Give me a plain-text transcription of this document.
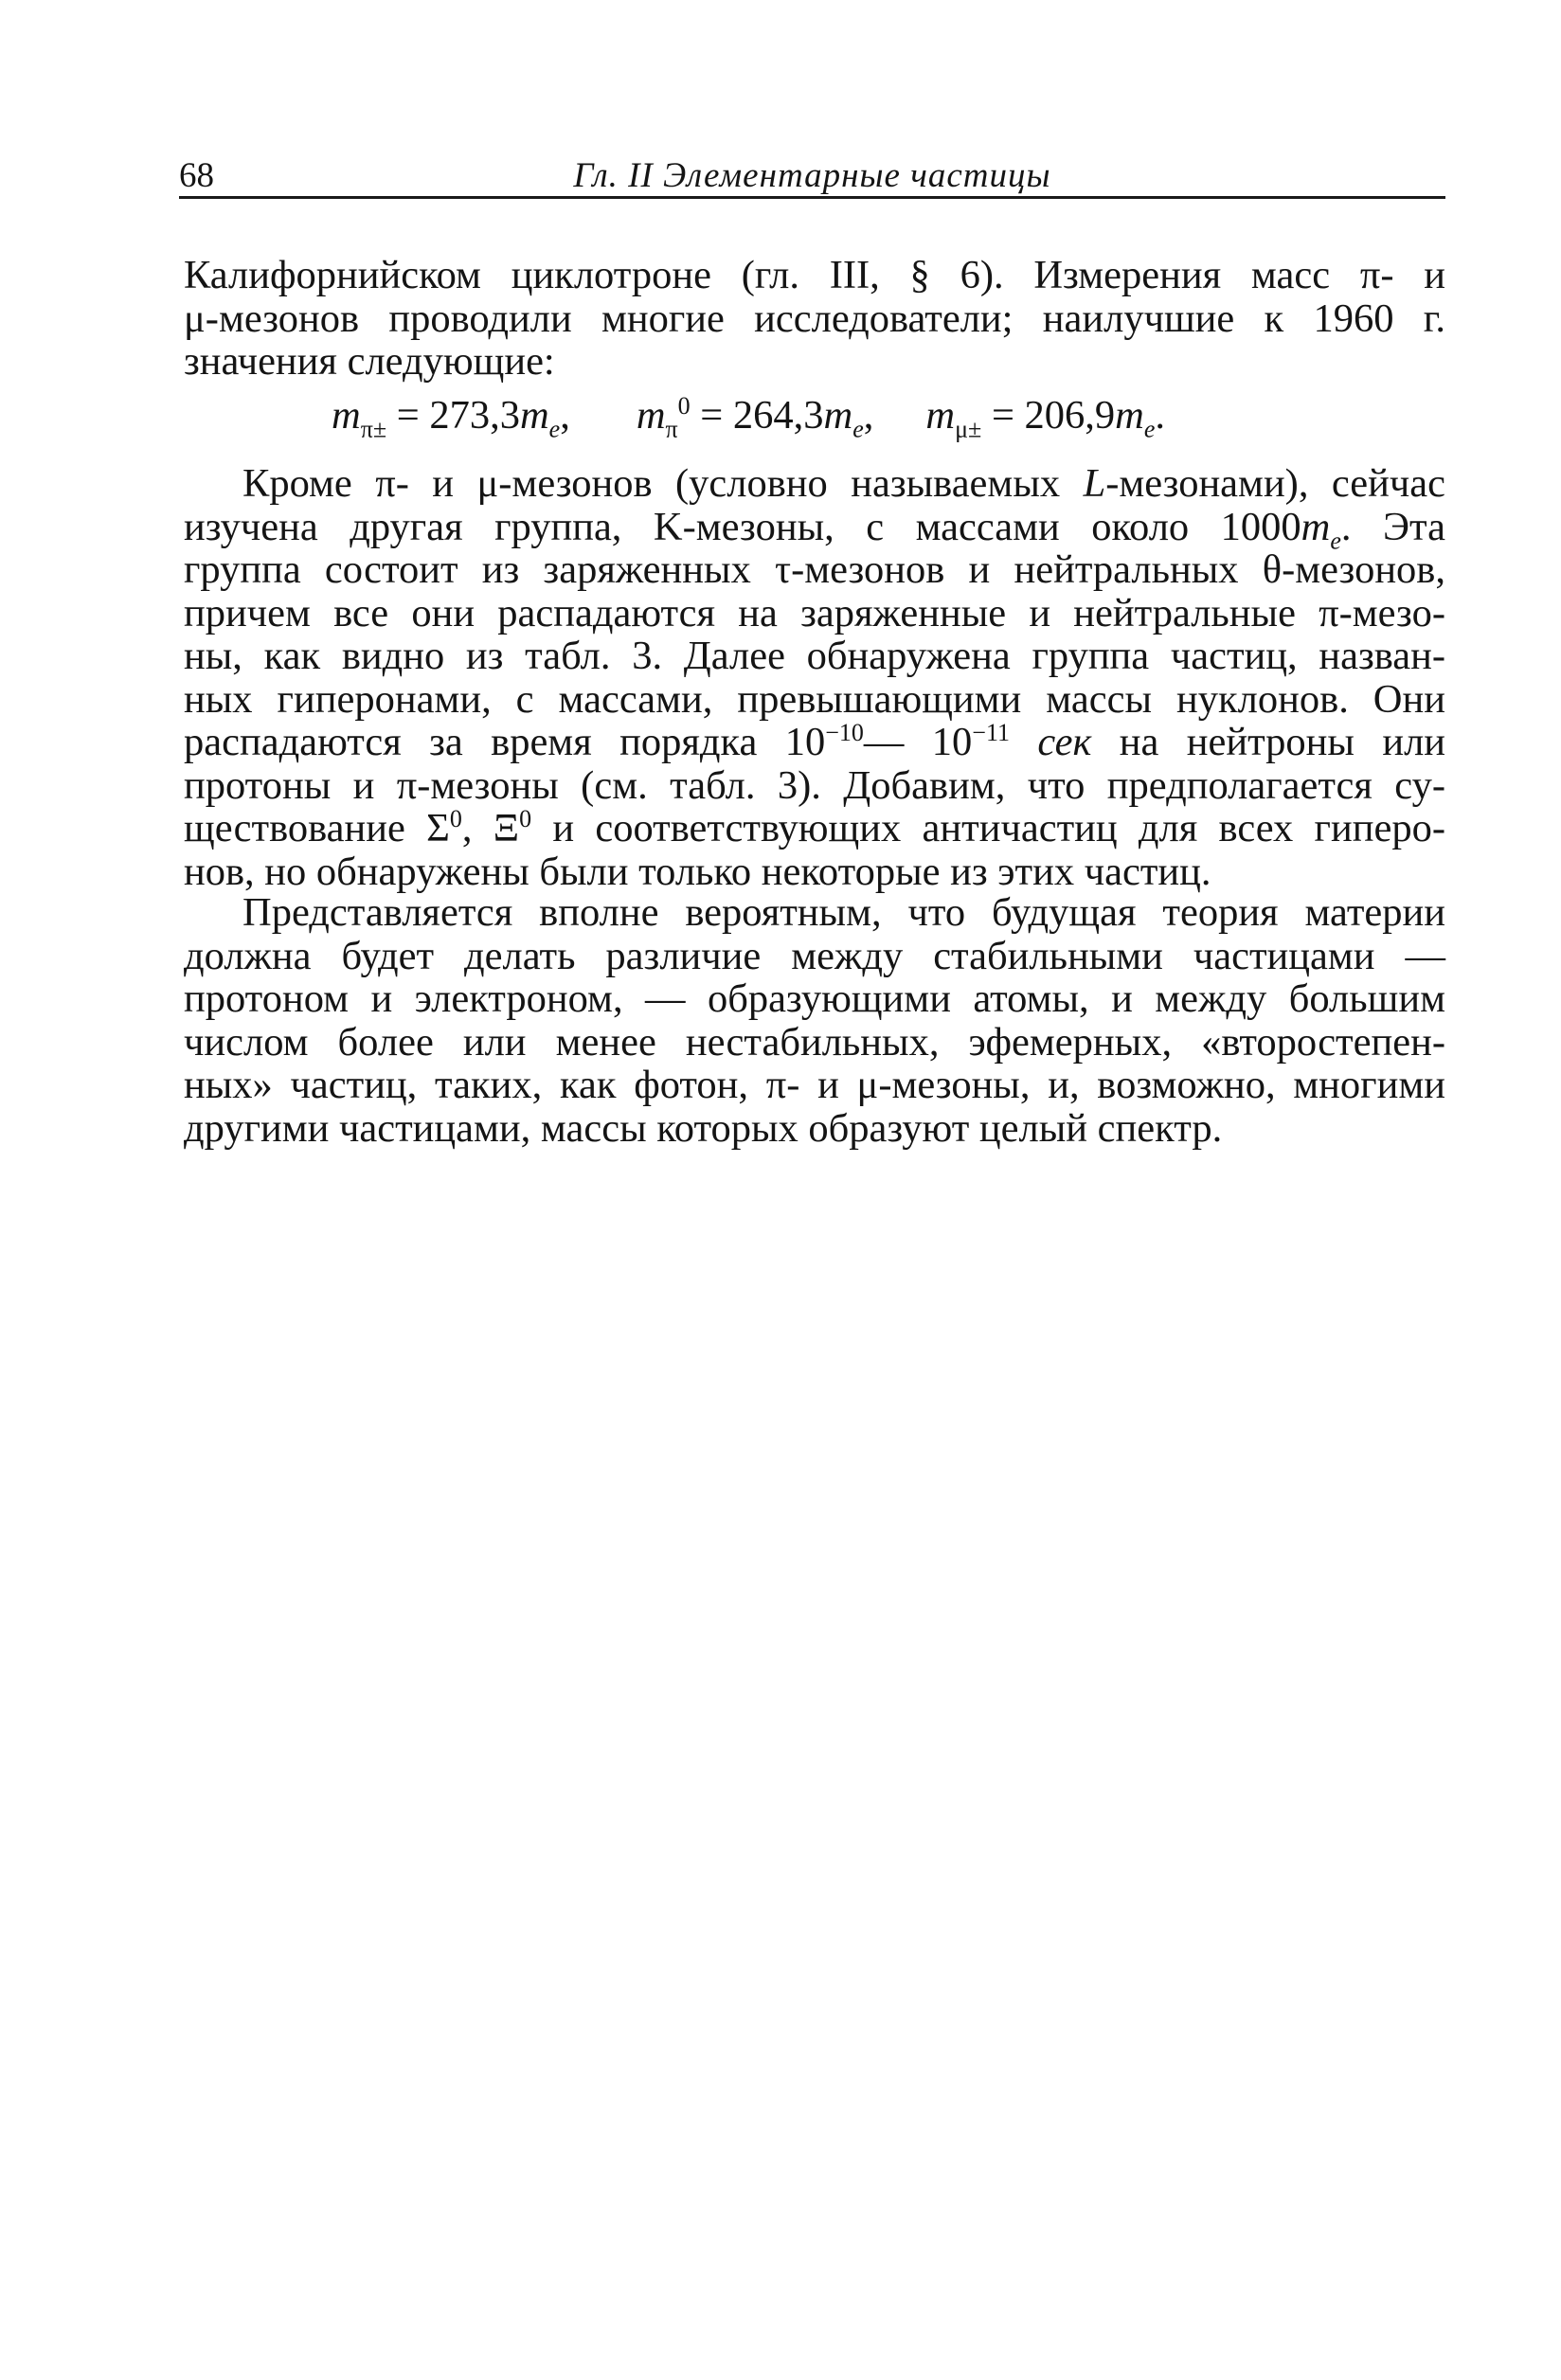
68	Гл. II Элементарные частицы
Калифорнийском циклотроне (гл. III, § 6). Измерения масс π- и
μ-мезонов проводили многие исследователи; наилучшие к 1960 г.
значения следующие:
$m_{\pi\pm} = 273,3m_e$, $m_\pi^0 = 264,3m_e$, $m_{\mu\pm} = 206,9m_e$.
Кроме π- и μ-мезонов (условно называемых L-мезонами), сейчас
изучена другая группа, K-мезоны, с массами около $1000m_e$. Эта
группа состоит из заряженных τ-мезонов и нейтральных θ-мезонов,
причем все они распадаются на заряженные и нейтральные π-мезо-
ны, как видно из табл. 3. Далее обнаружена группа частиц, назван-
ных гиперонами, с массами, превышающими массы нуклонов. Они
распадаются за время порядка $10^{-10}—$ $10^{-11}$ сек на нейтроны или
протоны и π-мезоны (см. табл. 3). Добавим, что предполагается су-
ществование $\Sigma^0$, $\Xi^0$ и соответствующих античастиц для всех гиперо-
нов, но обнаружены были только некоторые из этих частиц.
Представляется вполне вероятным, что будущая теория материи
должна будет делать различие между стабильными частицами —
протоном и электроном, — образующими атомы, и между большим
числом более или менее нестабильных, эфемерных, «второстепен-
ных» частиц, таких, как фотон, π- и μ-мезоны, и, возможно, многими
другими частицами, массы которых образуют целый спектр.
